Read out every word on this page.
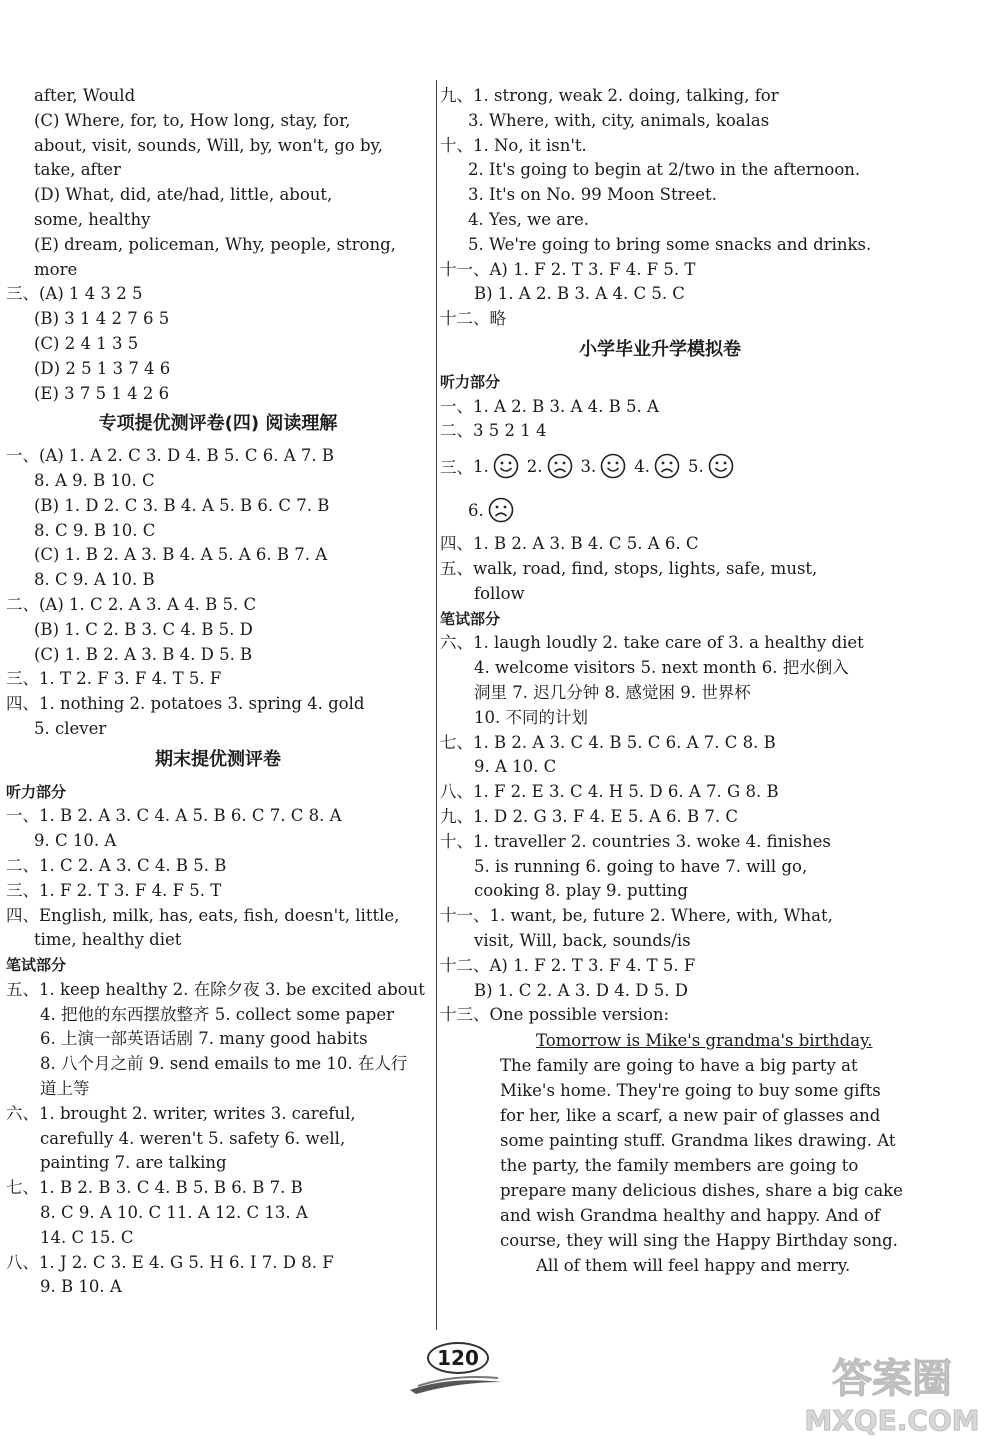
after, Would
(C) Where, for, to, How long, stay, for,
about, visit, sounds, Will, by, won't, go by,
take, after
(D) What, did, ate/had, little, about,
some, healthy
(E) dream, policeman, Why, people, strong,
more
三、(A) 1 4 3 2 5
(B) 3 1 4 2 7 6 5
(C) 2 4 1 3 5
(D) 2 5 1 3 7 4 6
(E) 3 7 5 1 4 2 6
专项提优测评卷(四) 阅读理解
一、(A) 1. A 2. C 3. D 4. B 5. C 6. A 7. B
8. A 9. B 10. C
(B) 1. D 2. C 3. B 4. A 5. B 6. C 7. B
8. C 9. B 10. C
(C) 1. B 2. A 3. B 4. A 5. A 6. B 7. A
8. C 9. A 10. B
二、(A) 1. C 2. A 3. A 4. B 5. C
(B) 1. C 2. B 3. C 4. B 5. D
(C) 1. B 2. A 3. B 4. D 5. B
三、1. T 2. F 3. F 4. T 5. F
四、1. nothing 2. potatoes 3. spring 4. gold
5. clever
期末提优测评卷
听力部分
一、1. B 2. A 3. C 4. A 5. B 6. C 7. C 8. A
9. C 10. A
二、1. C 2. A 3. C 4. B 5. B
三、1. F 2. T 3. F 4. F 5. T
四、English, milk, has, eats, fish, doesn't, little,
time, healthy diet
笔试部分
五、1. keep healthy 2. 在除夕夜 3. be excited about
4. 把他的东西摆放整齐 5. collect some paper
6. 上演一部英语话剧 7. many good habits
8. 八个月之前 9. send emails to me 10. 在人行
道上等
六、1. brought 2. writer, writes 3. careful,
carefully 4. weren't 5. safety 6. well,
painting 7. are talking
七、1. B 2. B 3. C 4. B 5. B 6. B 7. B
8. C 9. A 10. C 11. A 12. C 13. A
14. C 15. C
八、1. J 2. C 3. E 4. G 5. H 6. I 7. D 8. F
9. B 10. A
九、1. strong, weak 2. doing, talking, for
3. Where, with, city, animals, koalas
十、1. No, it isn't.
2. It's going to begin at 2/two in the afternoon.
3. It's on No. 99 Moon Street.
4. Yes, we are.
5. We're going to bring some snacks and drinks.
十一、A) 1. F 2. T 3. F 4. F 5. T
B) 1. A 2. B 3. A 4. C 5. C
十二、略
小学毕业升学模拟卷
听力部分
一、1. A 2. B 3. A 4. B 5. A
二、3 5 2 1 4
三、 1. 2. 3. 4. 5.
6.
四、1. B 2. A 3. B 4. C 5. A 6. C
五、walk, road, find, stops, lights, safe, must,
follow
笔试部分
六、1. laugh loudly 2. take care of 3. a healthy diet
4. welcome visitors 5. next month 6. 把水倒入
洞里 7. 迟几分钟 8. 感觉困 9. 世界杯
10. 不同的计划
七、1. B 2. A 3. C 4. B 5. C 6. A 7. C 8. B
9. A 10. C
八、1. F 2. E 3. C 4. H 5. D 6. A 7. G 8. B
九、1. D 2. G 3. F 4. E 5. A 6. B 7. C
十、1. traveller 2. countries 3. woke 4. finishes
5. is running 6. going to have 7. will go,
cooking 8. play 9. putting
十一、1. want, be, future 2. Where, with, What,
visit, Will, back, sounds/is
十二、A) 1. F 2. T 3. F 4. T 5. F
B) 1. C 2. A 3. D 4. D 5. D
十三、One possible version:
Tomorrow is Mike's grandma's birthday.
The family are going to have a big party at
Mike's home. They're going to buy some gifts
for her, like a scarf, a new pair of glasses and
some painting stuff. Grandma likes drawing. At
the party, the family members are going to
prepare many delicious dishes, share a big cake
and wish Grandma healthy and happy. And of
course, they will sing the Happy Birthday song.
All of them will feel happy and merry.
120	答案圈
MXQE.COM
